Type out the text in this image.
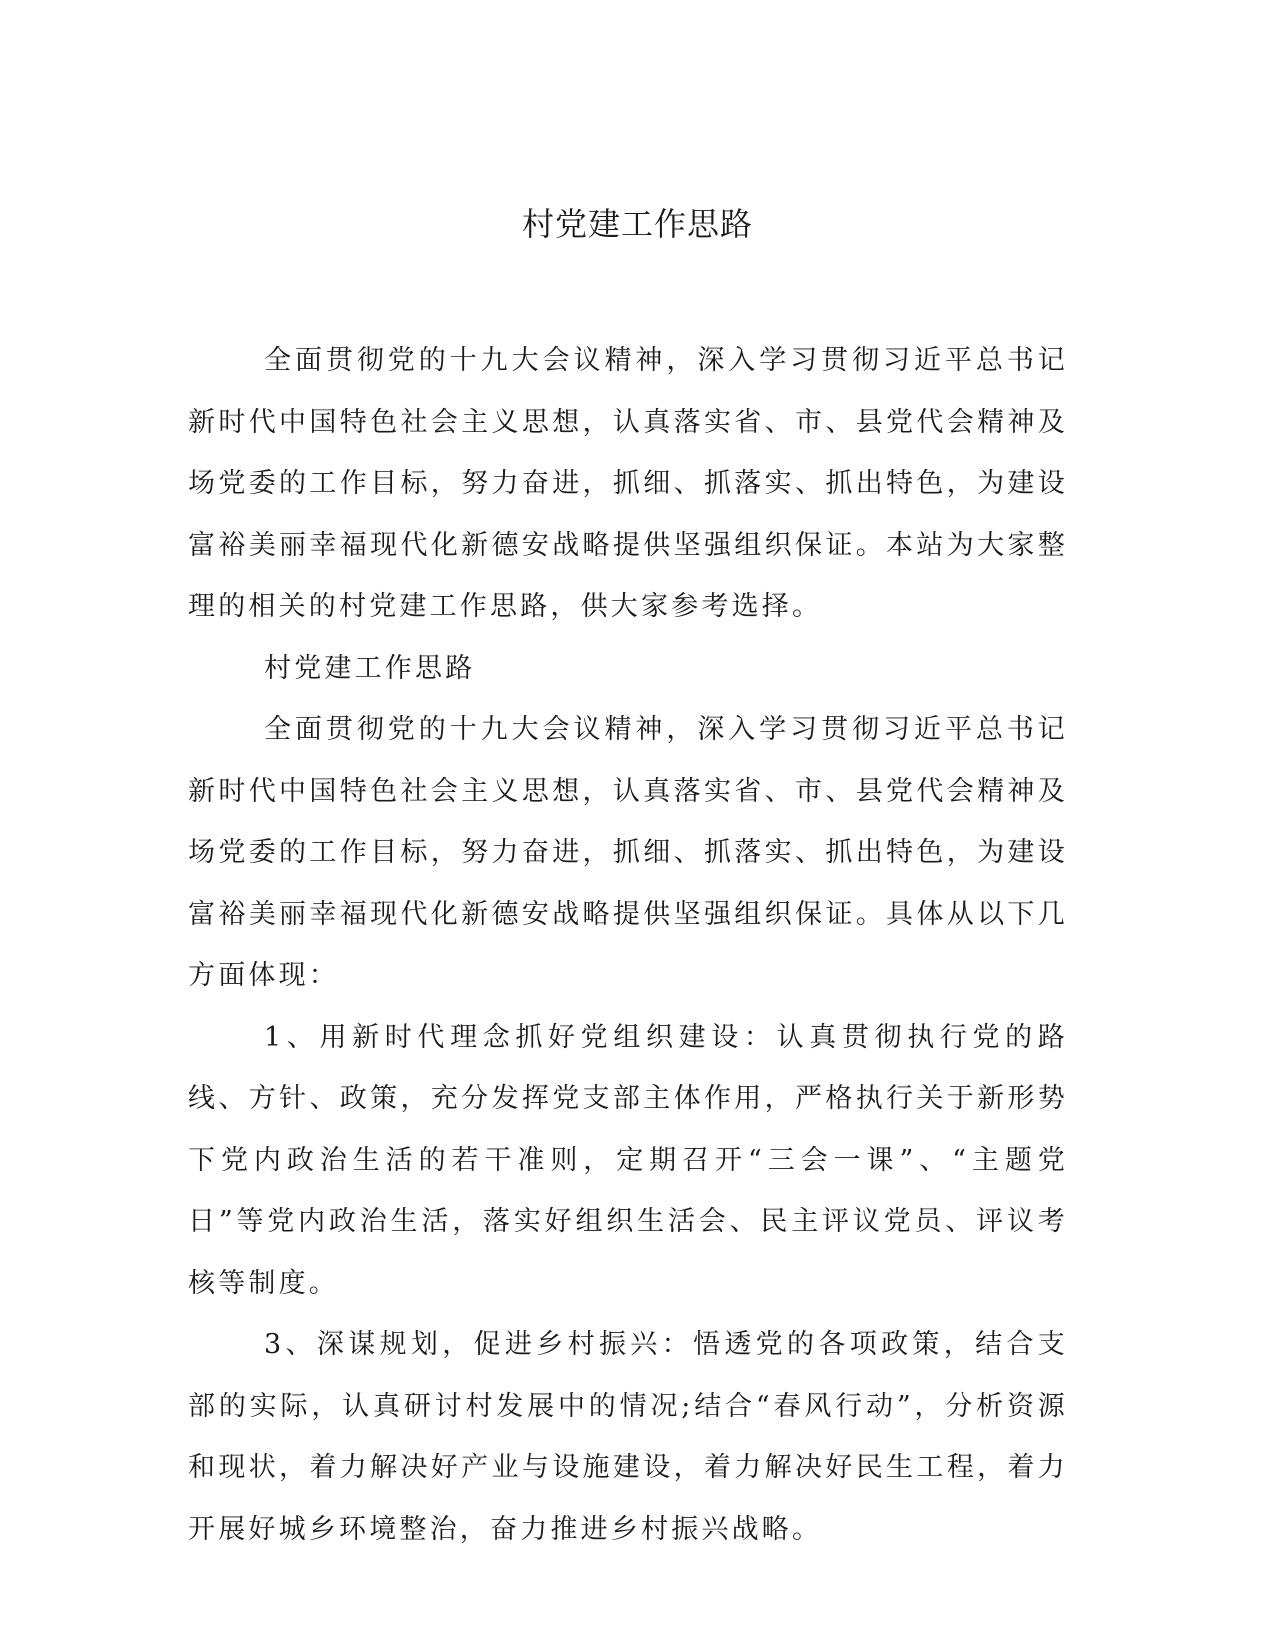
村党建工作思路

全面贯彻党的十九大会议精神，深入学习贯彻习近平总书记新时代中国特色社会主义思想，认真落实省、市、县党代会精神及场党委的工作目标，努力奋进，抓细、抓落实、抓出特色，为建设富裕美丽幸福现代化新德安战略提供坚强组织保证。本站为大家整理的相关的村党建工作思路，供大家参考选择。

村党建工作思路

全面贯彻党的十九大会议精神，深入学习贯彻习近平总书记新时代中国特色社会主义思想，认真落实省、市、县党代会精神及场党委的工作目标，努力奋进，抓细、抓落实、抓出特色，为建设富裕美丽幸福现代化新德安战略提供坚强组织保证。具体从以下几方面体现：

1、用新时代理念抓好党组织建设：认真贯彻执行党的路线、方针、政策，充分发挥党支部主体作用，严格执行关于新形势下党内政治生活的若干准则，定期召开“三会一课”、“主题党日”等党内政治生活，落实好组织生活会、民主评议党员、评议考核等制度。

3、深谋规划，促进乡村振兴：悟透党的各项政策，结合支部的实际，认真研讨村发展中的情况;结合“春风行动”，分析资源和现状，着力解决好产业与设施建设，着力解决好民生工程，着力开展好城乡环境整治，奋力推进乡村振兴战略。
